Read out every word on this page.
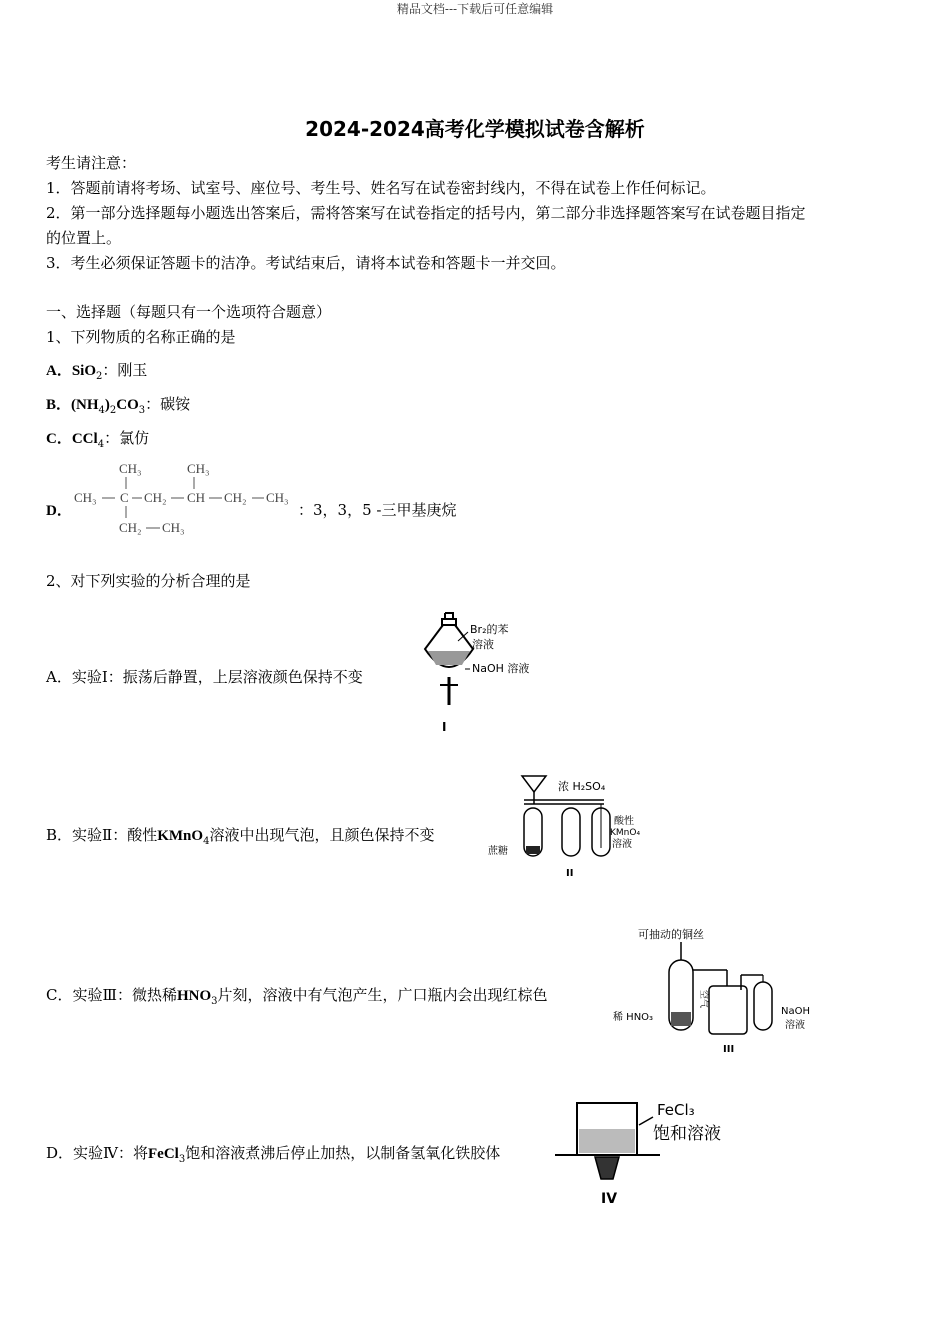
精品文档---下载后可任意编辑
2024-2024高考化学模拟试卷含解析
考生请注意：
1．答题前请将考场、试室号、座位号、考生号、姓名写在试卷密封线内，不得在试卷上作任何标记。
2．第一部分选择题每小题选出答案后，需将答案写在试卷指定的括号内，第二部分非选择题答案写在试卷题目指定
的位置上。
3．考生必须保证答题卡的洁净。考试结束后，请将本试卷和答题卡一并交回。
一、选择题（每题只有一个选项符合题意）
1、下列物质的名称正确的是
A．SiO$_2$：刚玉
B．$(NH_4)_2CO_3$：碳铵
C．CCl$_4$：氯仿
D．
CH₃	CH₃
CH₃ C CH₂ CH CH₂ CH₃
CH₂ CH₃
：3，3，5 -三甲基庚烷
2、对下列实验的分析合理的是
A．实验Ⅰ：振荡后静置，上层溶液颜色保持不变
Br₂的苯
溶液
NaOH 溶液
I
B．实验Ⅱ：酸性KMnO$_4$溶液中出现气泡，且颜色保持不变
浓 H₂SO₄
酸性
KMnO₄
溶液
蔗糖
II
C．实验Ⅲ：微热稀$HNO_3$片刻，溶液中有气泡产生，广口瓶内会出现红棕色
可抽动的铜丝
稀 HNO₃
空气
NaOH
溶液
III
D．实验Ⅳ：将FeCl$_3$饱和溶液煮沸后停止加热，以制备氢氧化铁胶体
FeCl₃
饱和溶液
IV
